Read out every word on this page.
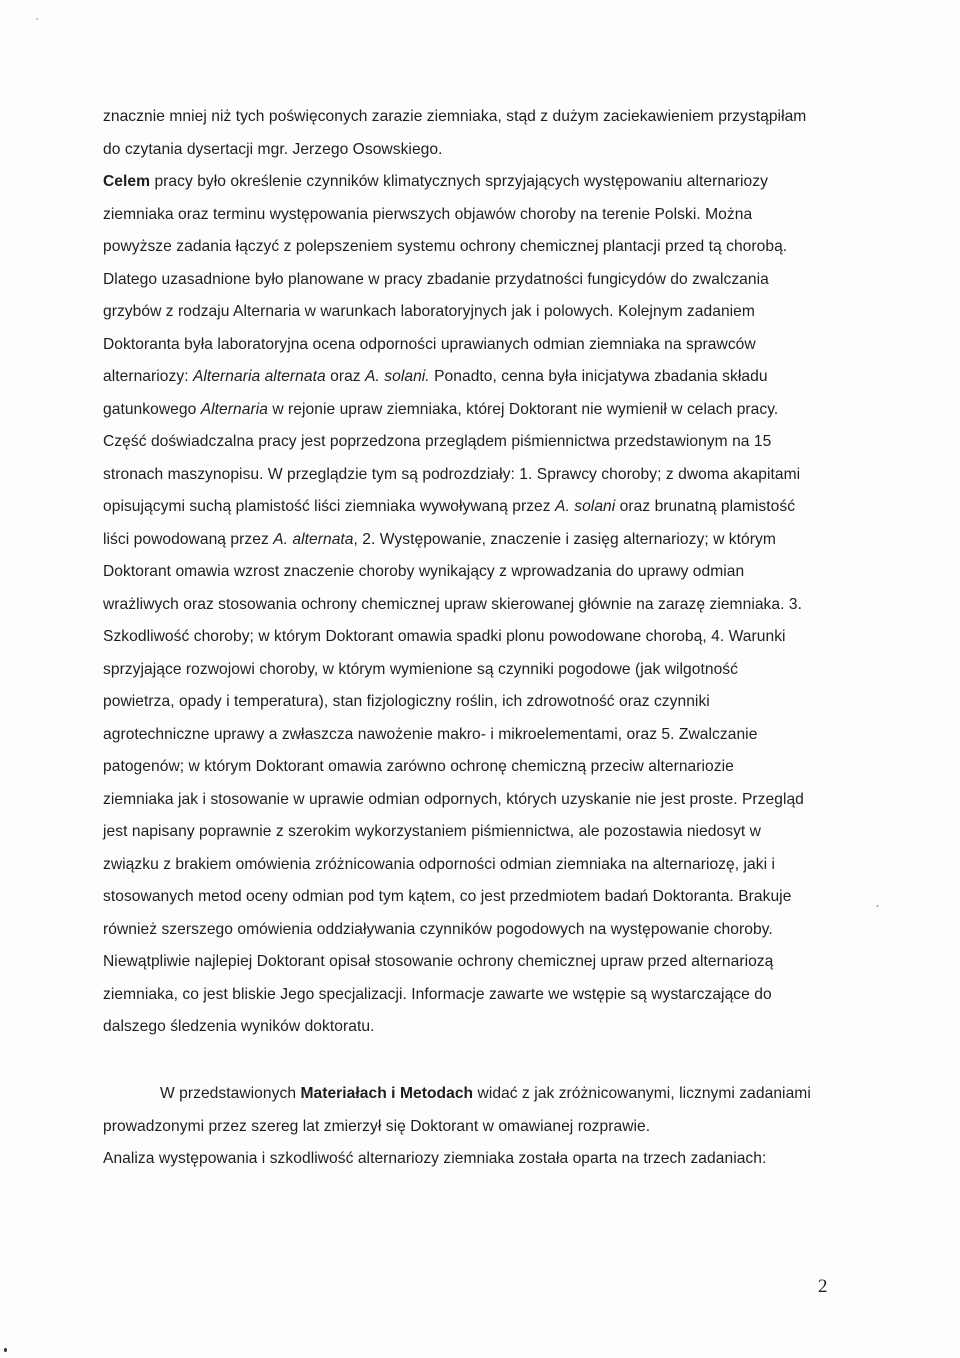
znacznie mniej niż tych poświęconych zarazie ziemniaka, stąd z dużym zaciekawieniem przystąpiłam
do czytania dysertacji mgr. Jerzego Osowskiego.
Celem pracy było określenie czynników klimatycznych sprzyjających występowaniu alternariozy
ziemniaka oraz terminu występowania pierwszych objawów choroby na terenie Polski. Można
powyższe zadania łączyć z polepszeniem systemu ochrony chemicznej plantacji przed tą chorobą.
Dlatego uzasadnione było planowane w pracy zbadanie przydatności fungicydów do zwalczania
grzybów z rodzaju Alternaria w warunkach laboratoryjnych jak i polowych. Kolejnym zadaniem
Doktoranta była laboratoryjna ocena odporności uprawianych odmian ziemniaka na sprawców
alternariozy: Alternaria alternata oraz A. solani. Ponadto, cenna była inicjatywa zbadania składu
gatunkowego Alternaria w rejonie upraw ziemniaka, której Doktorant nie wymienił w celach pracy.
Część doświadczalna pracy jest poprzedzona przeglądem piśmiennictwa przedstawionym na 15
stronach maszynopisu. W przeglądzie tym są podrozdziały: 1. Sprawcy choroby; z dwoma akapitami
opisującymi suchą plamistość liści ziemniaka wywoływaną przez A. solani oraz brunatną plamistość
liści powodowaną przez A. alternata, 2. Występowanie, znaczenie i zasięg alternariozy; w którym
Doktorant omawia wzrost znaczenie choroby wynikający z wprowadzania do uprawy odmian
wrażliwych oraz stosowania ochrony chemicznej upraw skierowanej głównie na zarazę ziemniaka. 3.
Szkodliwość choroby; w którym Doktorant omawia spadki plonu powodowane chorobą, 4. Warunki
sprzyjające rozwojowi choroby, w którym wymienione są czynniki pogodowe (jak wilgotność
powietrza, opady i temperatura), stan fizjologiczny roślin, ich zdrowotność oraz czynniki
agrotechniczne uprawy a zwłaszcza nawożenie makro- i mikroelementami, oraz 5. Zwalczanie
patogenów; w którym Doktorant omawia zarówno ochronę chemiczną przeciw alternariozie
ziemniaka jak i stosowanie w uprawie odmian odpornych, których uzyskanie nie jest proste. Przegląd
jest napisany poprawnie z szerokim wykorzystaniem piśmiennictwa, ale pozostawia niedosyt w
związku z brakiem omówienia zróżnicowania odporności odmian ziemniaka na alternariozę, jaki i
stosowanych metod oceny odmian pod tym kątem, co jest przedmiotem badań Doktoranta. Brakuje
również szerszego omówienia oddziaływania czynników pogodowych na występowanie choroby.
Niewątpliwie najlepiej Doktorant opisał stosowanie ochrony chemicznej upraw przed alternariozą
ziemniaka, co jest bliskie Jego specjalizacji. Informacje zawarte we wstępie są wystarczające do
dalszego śledzenia wyników doktoratu.
W przedstawionych Materiałach i Metodach widać z jak zróżnicowanymi, licznymi zadaniami
prowadzonymi przez szereg lat zmierzył się Doktorant w omawianej rozprawie.
Analiza występowania i szkodliwość alternariozy ziemniaka została oparta na trzech zadaniach:
2
